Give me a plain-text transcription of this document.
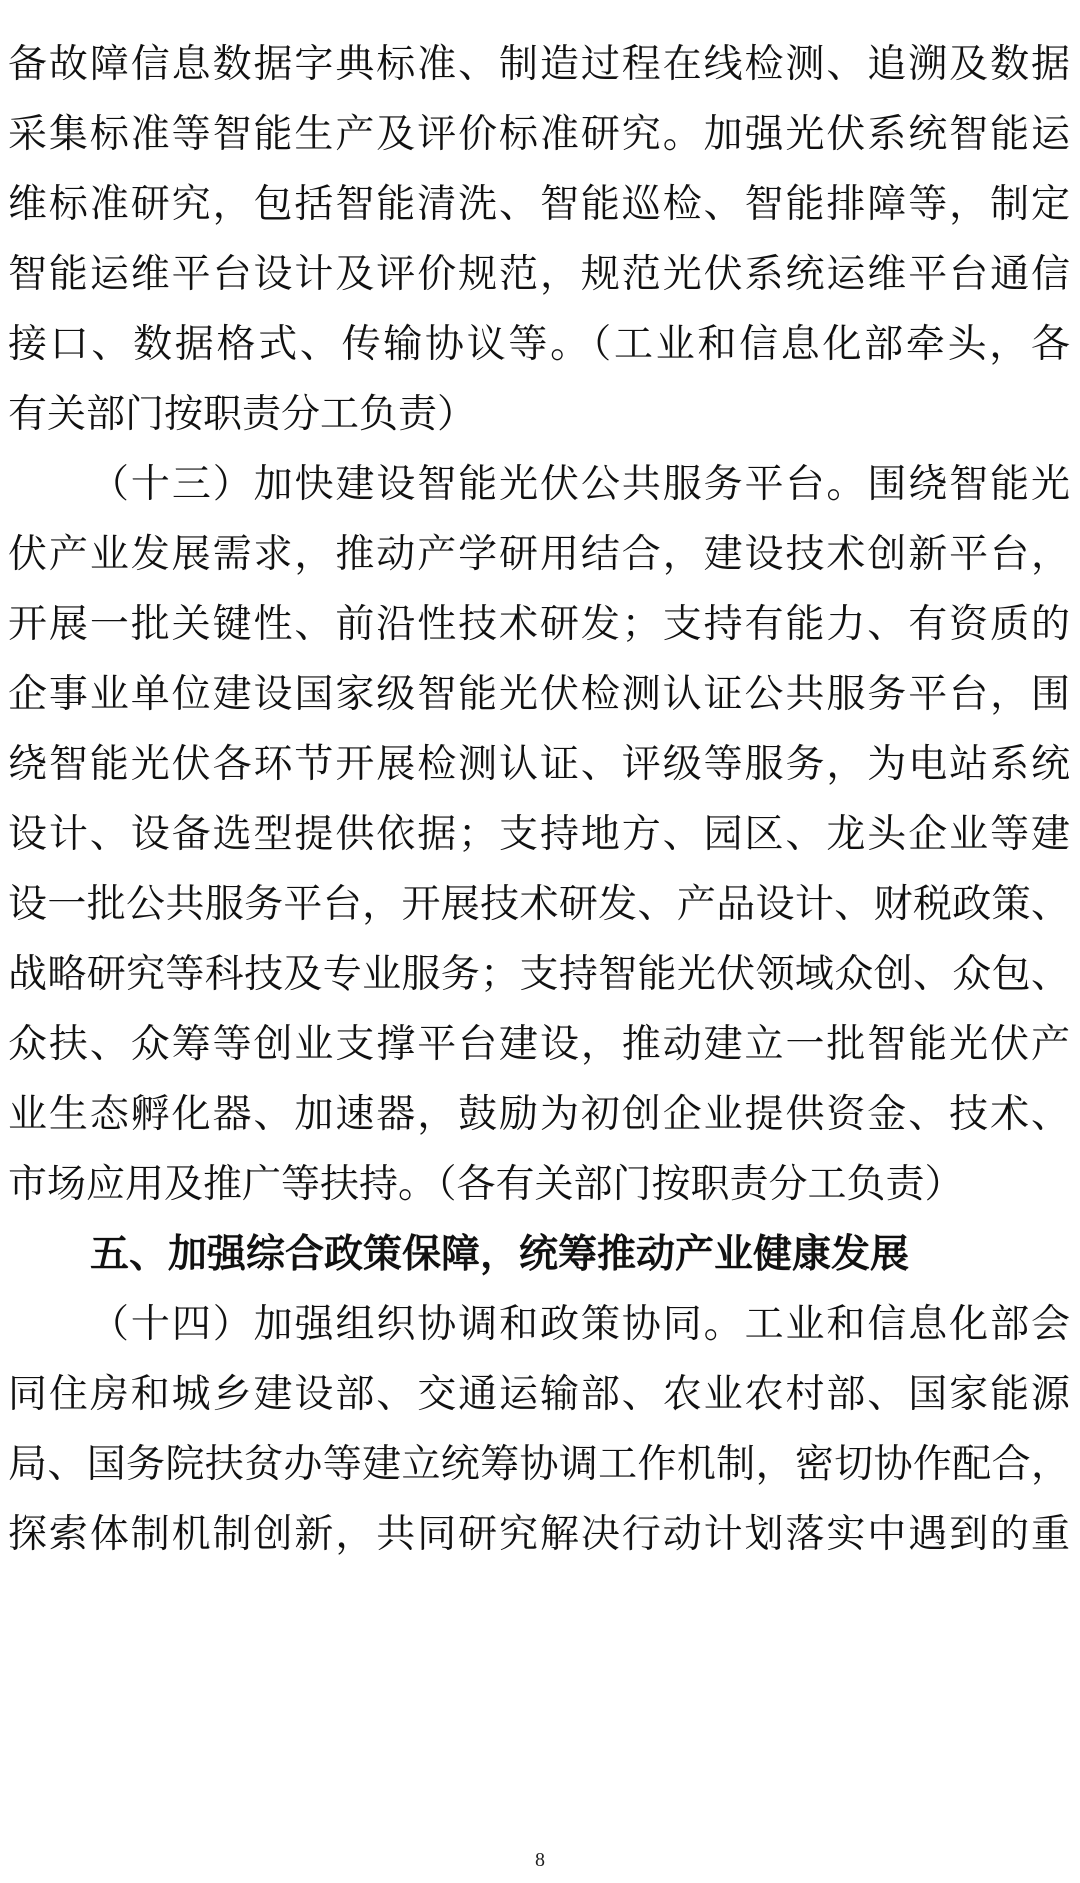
备故障信息数据字典标准、制造过程在线检测、追溯及数据
采集标准等智能生产及评价标准研究。加强光伏系统智能运
维标准研究，包括智能清洗、智能巡检、智能排障等，制定
智能运维平台设计及评价规范，规范光伏系统运维平台通信
接口、数据格式、传输协议等。（工业和信息化部牵头，各
有关部门按职责分工负责）
（十三）加快建设智能光伏公共服务平台。围绕智能光
伏产业发展需求，推动产学研用结合，建设技术创新平台，
开展一批关键性、前沿性技术研发；支持有能力、有资质的
企事业单位建设国家级智能光伏检测认证公共服务平台，围
绕智能光伏各环节开展检测认证、评级等服务，为电站系统
设计、设备选型提供依据；支持地方、园区、龙头企业等建
设一批公共服务平台，开展技术研发、产品设计、财税政策、
战略研究等科技及专业服务；支持智能光伏领域众创、众包、
众扶、众筹等创业支撑平台建设，推动建立一批智能光伏产
业生态孵化器、加速器，鼓励为初创企业提供资金、技术、
市场应用及推广等扶持。（各有关部门按职责分工负责）
五、加强综合政策保障，统筹推动产业健康发展
（十四）加强组织协调和政策协同。工业和信息化部会
同住房和城乡建设部、交通运输部、农业农村部、国家能源
局、国务院扶贫办等建立统筹协调工作机制，密切协作配合，
探索体制机制创新，共同研究解决行动计划落实中遇到的重
8
